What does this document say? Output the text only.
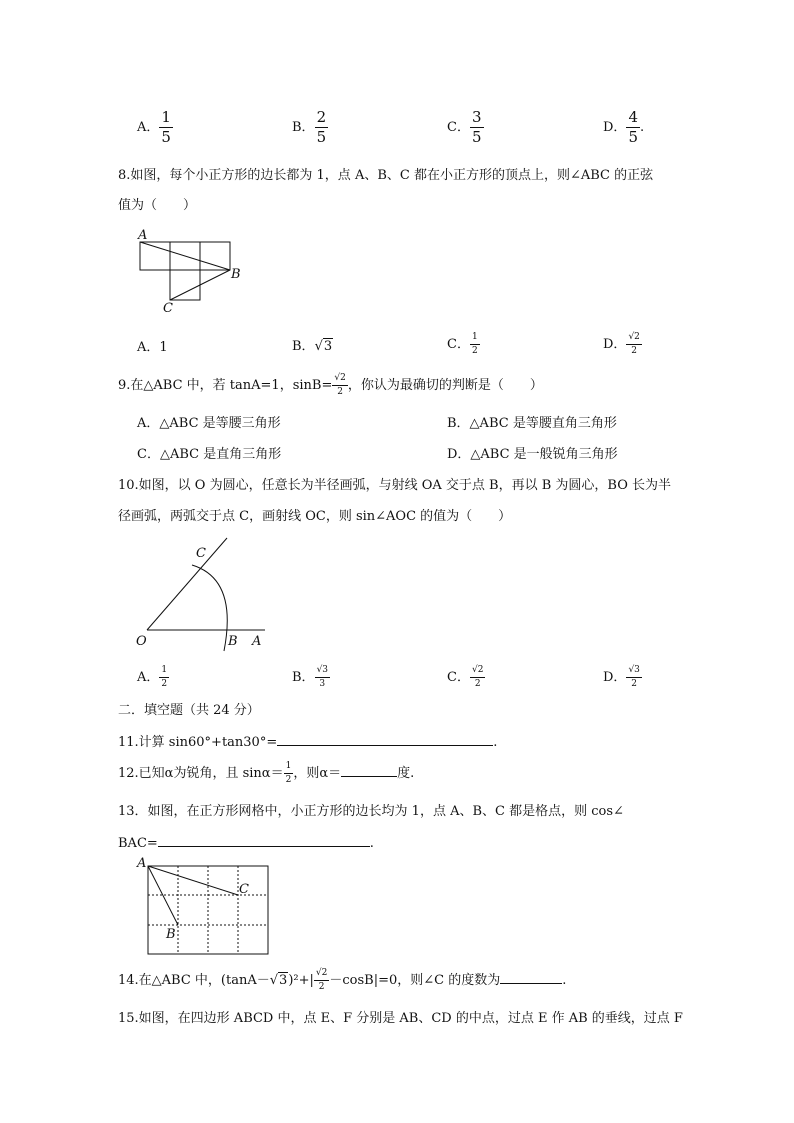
A． $\frac{1}{5}$	B． $\frac{2}{5}$	C． $\frac{3}{5}$	D． $\frac{4}{5}$ .
8.如图，每个小正方形的边长都为 1，点 A、B、C 都在小正方形的顶点上，则∠ABC 的正弦
值为（　　）
A
B
C
A．1	B．√3	C． $\frac{1}{2}$	D． $\frac{√2}{2}$
9.在△ABC 中，若 tanA=1，$\sin B= \frac{√2}{2}$ ，你认为最确切的判断是（　　）
A．△ABC 是等腰三角形	B．△ABC 是等腰直角三角形
C．△ABC 是直角三角形	D．△ABC 是一般锐角三角形
10.如图，以 O 为圆心，任意长为半径画弧，与射线 OA 交于点 B，再以 B 为圆心，BO 长为半
径画弧，两弧交于点 C，画射线 OC，则 sin∠AOC 的值为（　　）
O	B A
C
A． $\frac{1}{2}$	B． $\frac{√3}{3}$	C． $\frac{√2}{2}$	D． $\frac{√3}{2}$
二．填空题（共 24 分）
11.计算 sin60°+tan30°=	.
12.已知α为锐角，且 $\sin\alpha= \frac{1}{2}$ ，则α＝	度.
13．如图，在正方形网格中，小正方形的边长均为 1，点 A、B、C 都是格点，则 cos∠
BAC=	.
A
C
B
14.在△ABC 中，$(\tan A-√3)^2+| \frac{√2}{2} -\cos B|=0$，则∠C 的度数为	.
15.如图，在四边形 ABCD 中，点 E、F 分别是 AB、CD 的中点，过点 E 作 AB 的垂线，过点 F
